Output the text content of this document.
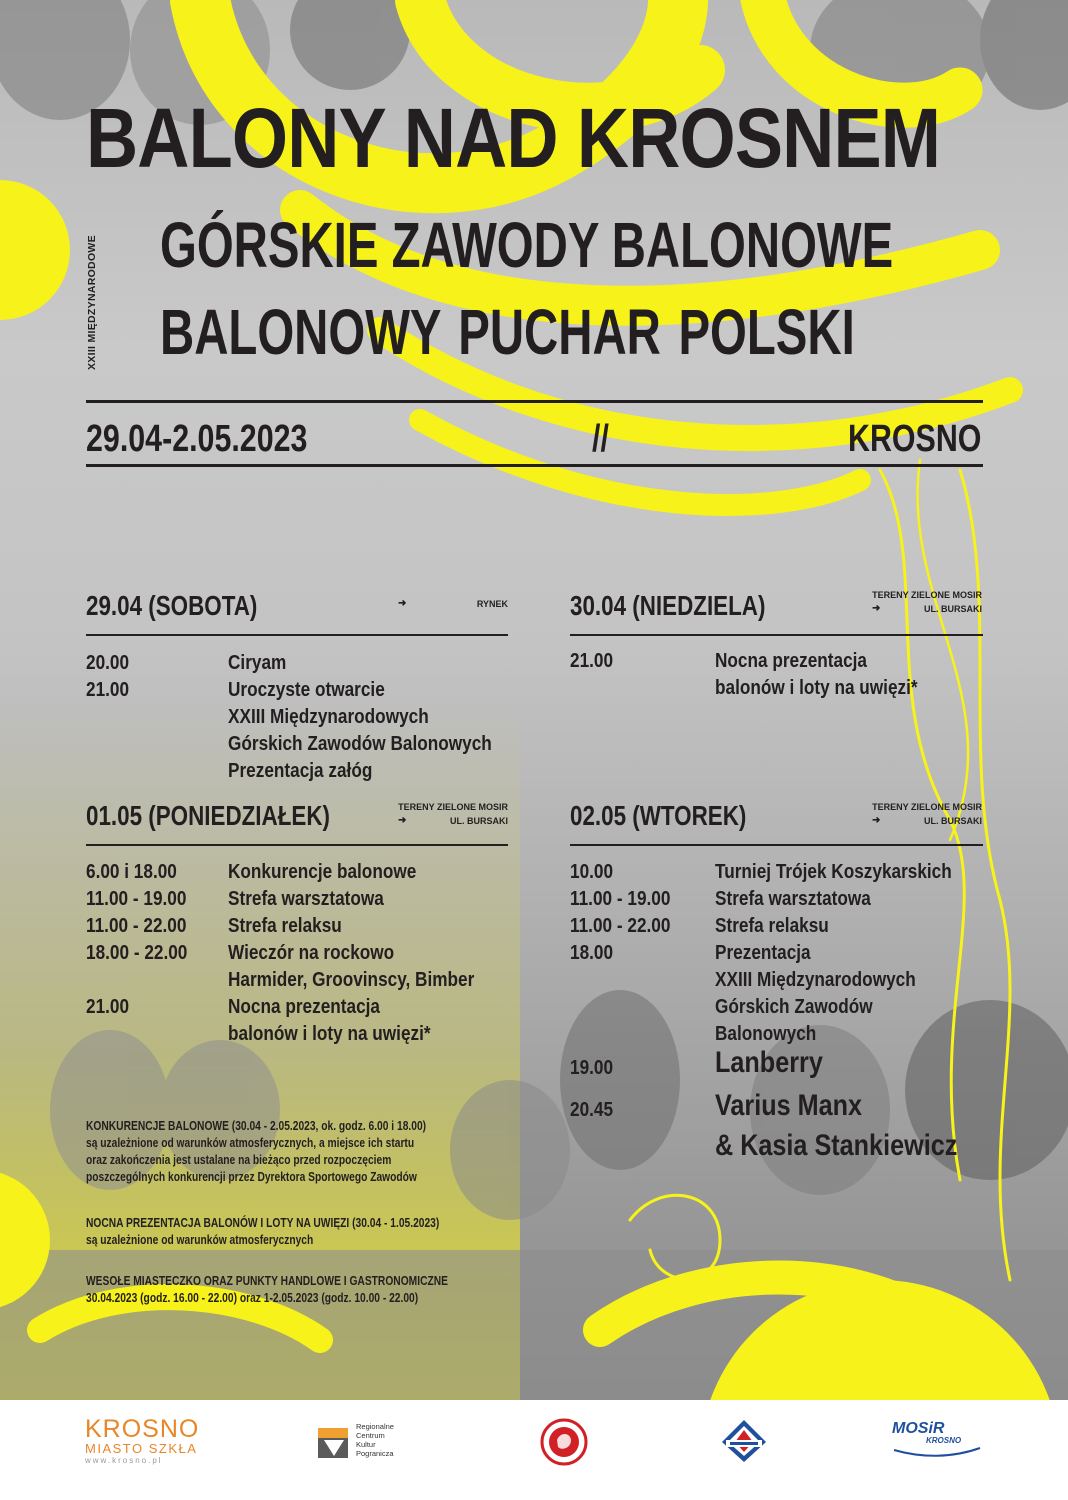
BALONY NAD KROSNEM
XXIII MIĘDZYNARODOWE GÓRSKIE ZAWODY BALONOWE
BALONOWY PUCHAR POLSKI
29.04-2.05.2023	//	KROSNO
29.04 (SOBOTA)	➜	RYNEK
20.00	Ciryam
21.00	Uroczyste otwarcie
XXIII Międzynarodowych
Górskich Zawodów Balonowych
Prezentacja załóg
30.04 (NIEDZIELA)	TERENY ZIELONE MOSIR
➜	UL. BURSAKI
21.00	Nocna prezentacja
balonów i loty na uwięzi*
01.05 (PONIEDZIAŁEK)	TERENY ZIELONE MOSIR
➜	UL. BURSAKI
6.00 i 18.00	Konkurencje balonowe
11.00 - 19.00 Strefa warsztatowa
11.00 - 22.00 Strefa relaksu
18.00 - 22.00 Wieczór na rockowo
Harmider, Groovinscy, Bimber
21.00	Nocna prezentacja
balonów i loty na uwięzi*
02.05 (WTOREK)	TERENY ZIELONE MOSIR
➜	UL. BURSAKI
10.00	Turniej Trójek Koszykarskich
11.00 - 19.00 Strefa warsztatowa
11.00 - 22.00 Strefa relaksu
18.00	Prezentacja
XXIII Międzynarodowych
Górskich Zawodów
Balonowych
19.00	Lanberry
20.45	Varius Manx
& Kasia Stankiewicz
KONKURENCJE BALONOWE (30.04 - 2.05.2023, ok. godz. 6.00 i 18.00)
są uzależnione od warunków atmosferycznych, a miejsce ich startu
oraz zakończenia jest ustalane na bieżąco przed rozpoczęciem
poszczególnych konkurencji przez Dyrektora Sportowego Zawodów
NOCNA PREZENTACJA BALONÓW I LOTY NA UWIĘZI (30.04 - 1.05.2023)
są uzależnione od warunków atmosferycznych
WESOŁE MIASTECZKO ORAZ PUNKTY HANDLOWE I GASTRONOMICZNE
30.04.2023 (godz. 16.00 - 22.00) oraz 1-2.05.2023 (godz. 10.00 - 22.00)
KROSNO
MIASTO SZKŁA
www.krosno.pl
Regionalne
Centrum
Kultur
Pogranicza
MOSiR
KROSNO
